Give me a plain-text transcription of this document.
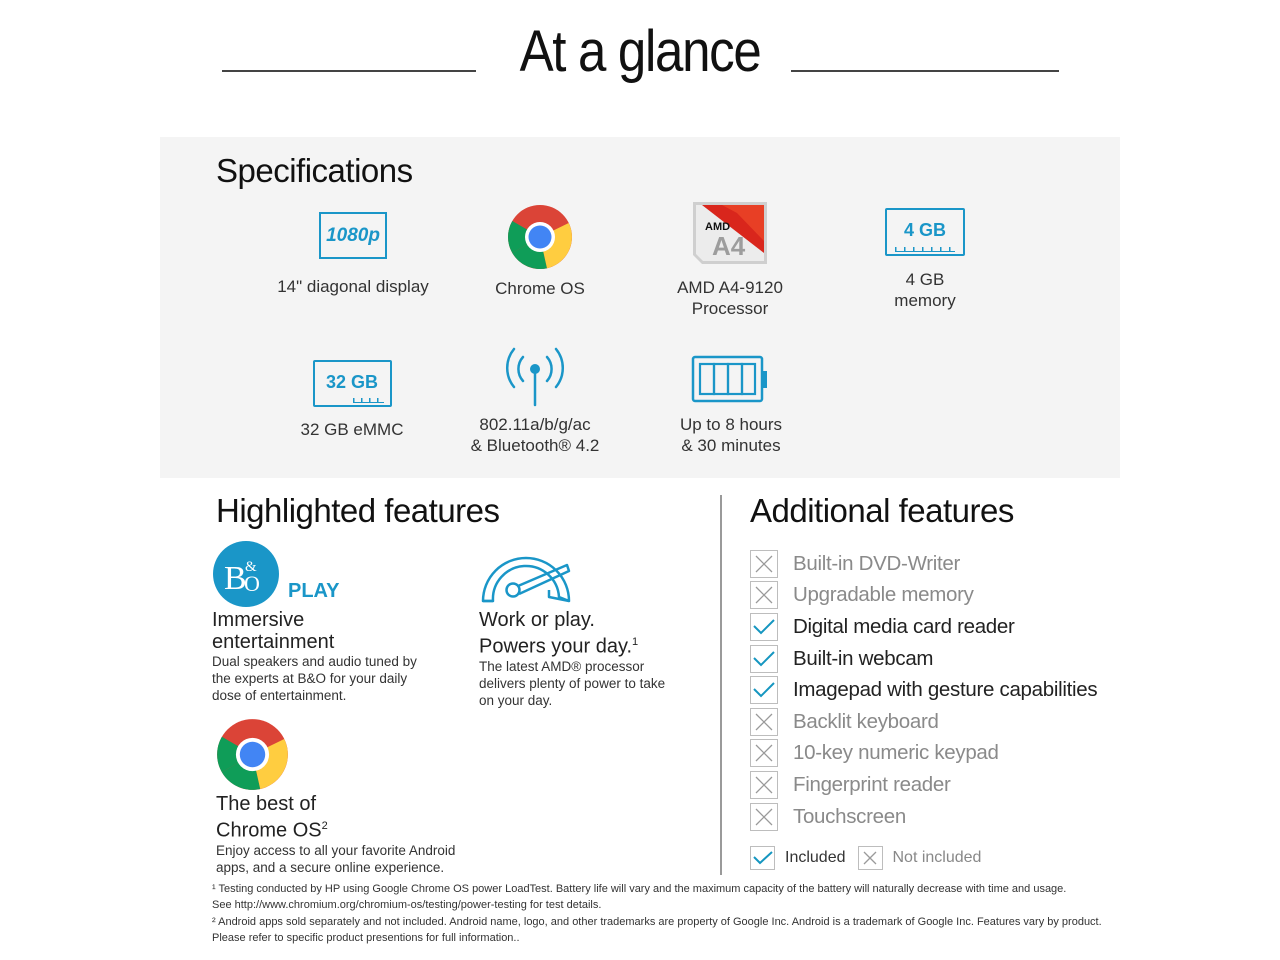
At a glance
Specifications
1080p
14" diagonal display	Chrome OS
AMD
A4
AMD A4-9120
Processor
4 GB
4 GB
memory
32 GB
32 GB eMMC	802.11a/b/g/ac
& Bluetooth® 4.2
Up to 8 hours
& 30 minutes
Highlighted features
B
&
O PLAY
Immersive
entertainment
Dual speakers and audio tuned by
the experts at B&O for your daily
dose of entertainment.
Work or play.
Powers your day.$^1$
The latest AMD® processor
delivers plenty of power to take
on your day.
The best of
Chrome $OS^2$
Enjoy access to all your favorite Android
apps, and a secure online experience.
Additional features
Built-in DVD-Writer
Upgradable memory
Digital media card reader
Built-in webcam
Imagepad with gesture capabilities
Backlit keyboard
10-key numeric keypad
Fingerprint reader
Touchscreen
Included	Not included
¹ Testing conducted by HP using Google Chrome OS power LoadTest. Battery life will vary and the maximum capacity of the battery will naturally decrease with time and usage.
See http://www.chromium.org/chromium-os/testing/power-testing for test details.
² Android apps sold separately and not included. Android name, logo, and other trademarks are property of Google Inc. Android is a trademark of Google Inc. Features vary by product.
Please refer to specific product presentions for full information..
